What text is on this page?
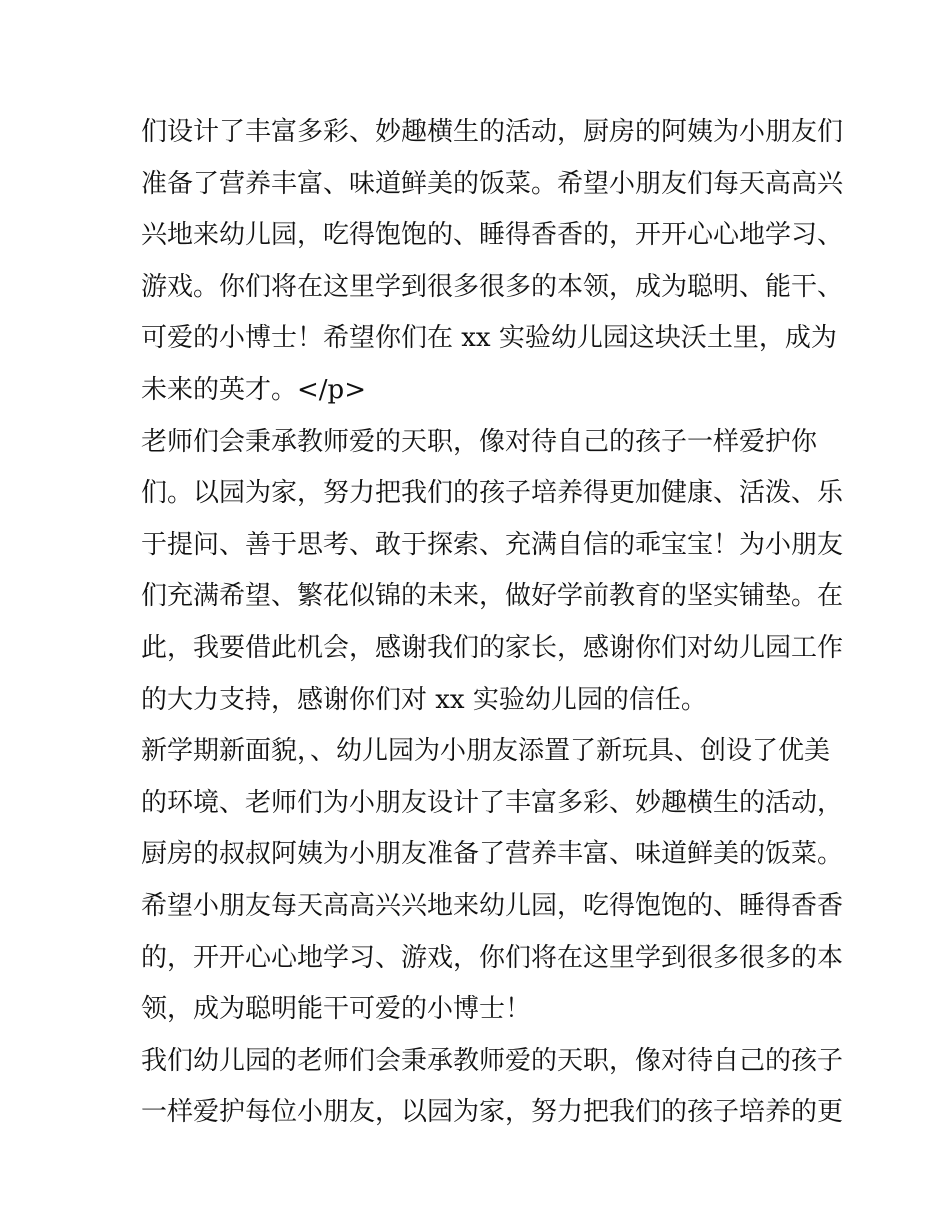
们设计了丰富多彩、妙趣横生的活动，厨房的阿姨为小朋友们
准备了营养丰富、味道鲜美的饭菜。希望小朋友们每天高高兴
兴地来幼儿园，吃得饱饱的、睡得香香的，开开心心地学习、
游戏。你们将在这里学到很多很多的本领，成为聪明、能干、
可爱的小博士！希望你们在 xx 实验幼儿园这块沃土里，成为
未来的英才。</p>
老师们会秉承教师爱的天职，像对待自己的孩子一样爱护你
们。以园为家，努力把我们的孩子培养得更加健康、活泼、乐
于提问、善于思考、敢于探索、充满自信的乖宝宝！为小朋友
们充满希望、繁花似锦的未来，做好学前教育的坚实铺垫。在
此，我要借此机会，感谢我们的家长，感谢你们对幼儿园工作
的大力支持，感谢你们对 xx 实验幼儿园的信任。
新学期新面貌，、幼儿园为小朋友添置了新玩具、创设了优美
的环境、老师们为小朋友设计了丰富多彩、妙趣横生的活动，
厨房的叔叔阿姨为小朋友准备了营养丰富、味道鲜美的饭菜。
希望小朋友每天高高兴兴地来幼儿园，吃得饱饱的、睡得香香
的，开开心心地学习、游戏，你们将在这里学到很多很多的本
领，成为聪明能干可爱的小博士！
我们幼儿园的老师们会秉承教师爱的天职，像对待自己的孩子
一样爱护每位小朋友，以园为家，努力把我们的孩子培养的更
